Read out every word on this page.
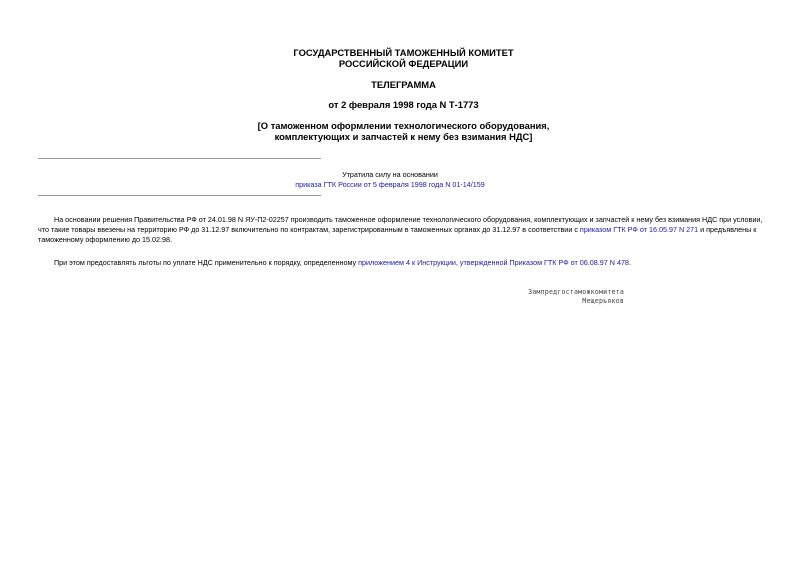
ГОСУДАРСТВЕННЫЙ ТАМОЖЕННЫЙ КОМИТЕТ

РОССИЙСКОЙ ФЕДЕРАЦИИ

ТЕЛЕГРАММА

от 2 февраля 1998 года N Т-1773

[О таможенном оформлении технологического оборудования,

комплектующих и запчастей к нему без взимания НДС]

Утратила силу на основании
приказа ГТК России от 5 февраля 1998 года N 01-14/159

На основании решения Правительства РФ от 24.01.98 N ЯУ-П2-02257 производить таможенное оформление технологического оборудования, комплектующих и запчастей к нему без взимания НДС при условии, что такие товары ввезены на территорию РФ до 31.12.97 включительно по контрактам, зарегистрированным в таможенных органах до 31.12.97 в соответствии с приказом ГТК РФ от 16.05.97 N 271 и предъявлены к таможенному оформлению до 15.02.98.

При этом предоставлять льготы по уплате НДС применительно к порядку, определенному приложением 4 к Инструкции, утвержденной Приказом ГТК РФ от 06.08.97 N 478.

Зампредгостаможкомитета
Мещерьяков
